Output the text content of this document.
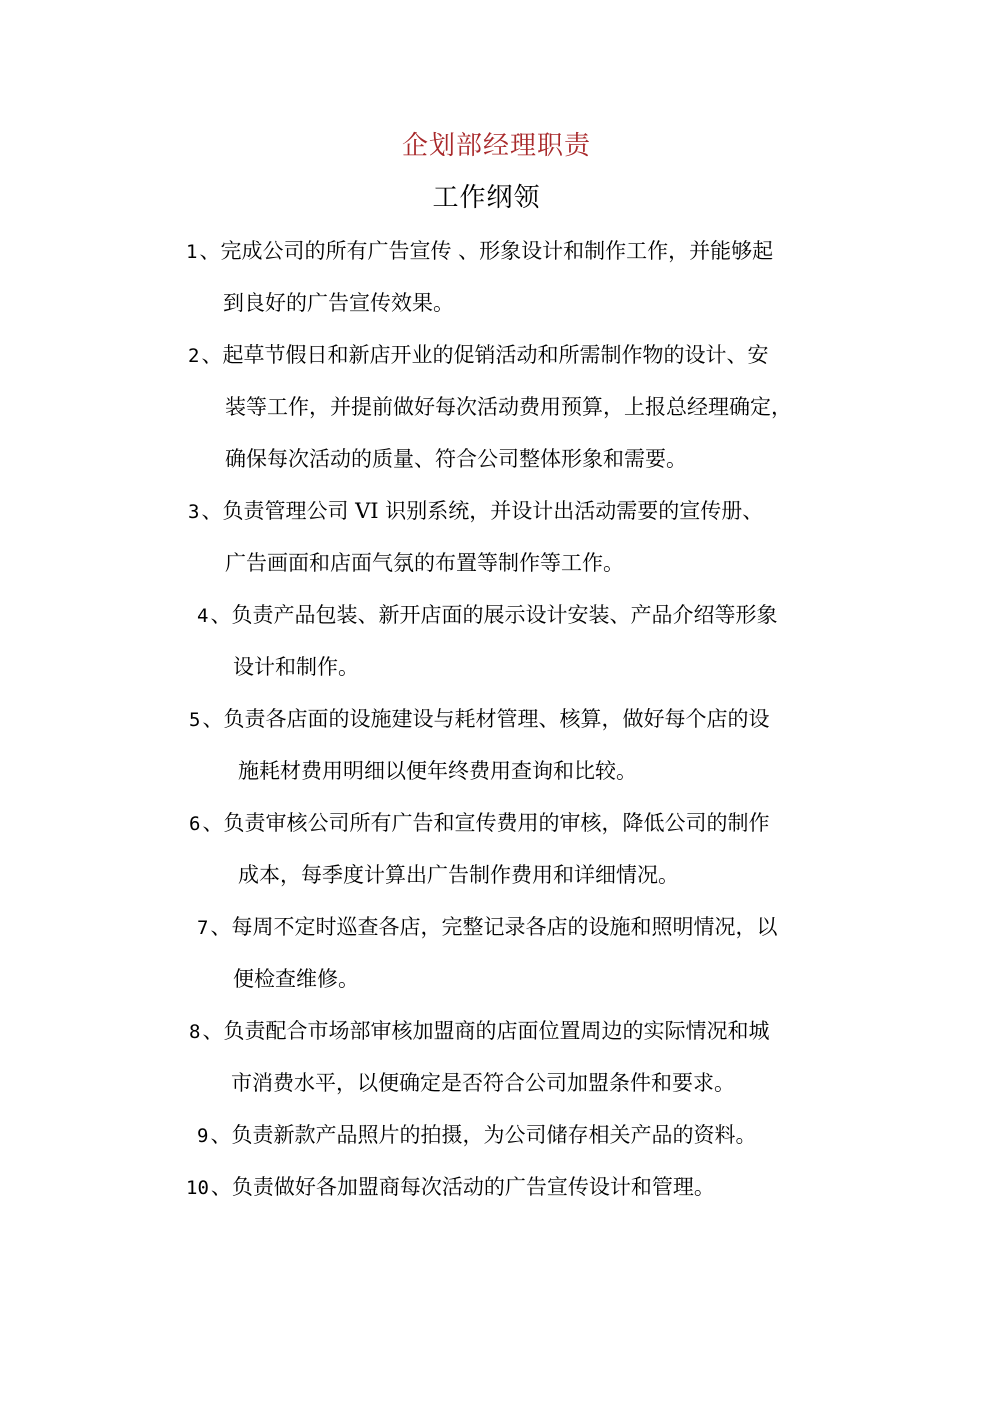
企划部经理职责
工作纲领
1、完成公司的所有广告宣传 、形象设计和制作工作，并能够起
到良好的广告宣传效果。
2、起草节假日和新店开业的促销活动和所需制作物的设计、安
装等工作，并提前做好每次活动费用预算，上报总经理确定，
确保每次活动的质量、符合公司整体形象和需要。
3、负责管理公司 VI 识别系统，并设计出活动需要的宣传册、
广告画面和店面气氛的布置等制作等工作。
4、负责产品包装、新开店面的展示设计安装、产品介绍等形象
设计和制作。
5、负责各店面的设施建设与耗材管理、核算，做好每个店的设
施耗材费用明细以便年终费用查询和比较。
6、负责审核公司所有广告和宣传费用的审核，降低公司的制作
成本，每季度计算出广告制作费用和详细情况。
7、每周不定时巡查各店，完整记录各店的设施和照明情况，以
便检查维修。
8、负责配合市场部审核加盟商的店面位置周边的实际情况和城
市消费水平，以便确定是否符合公司加盟条件和要求。
9、负责新款产品照片的拍摄，为公司储存相关产品的资料。
10、负责做好各加盟商每次活动的广告宣传设计和管理。
